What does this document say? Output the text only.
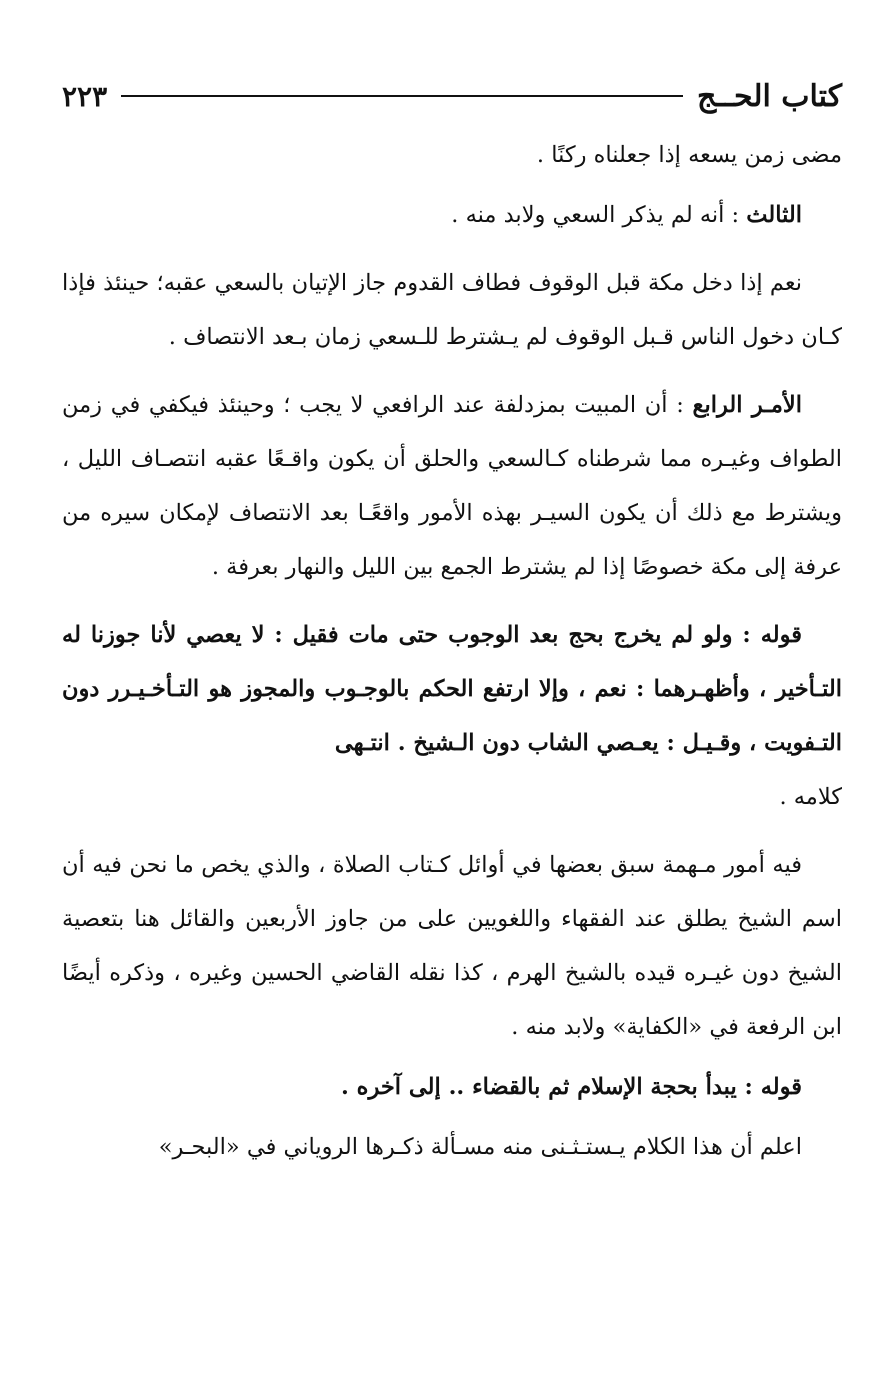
كتاب الحــج
٢٢٣

مضى زمن يسعه إذا جعلناه ركنًا .

الثالث : أنه لم يذكر السعي ولابد منه .

نعم إذا دخل مكة قبل الوقوف فطاف القدوم جاز الإتيان بالسعي عقبه؛ حينئذ فإذا كـان دخول الناس قـبل الوقوف لم يـشترط للـسعي زمان بـعد الانتصاف .

الأمـر الرابع : أن المبيت بمزدلفة عند الرافعي لا يجب ؛ وحينئذ فيكفي في زمن الطواف وغيـره مما شرطناه كـالسعي والحلق أن يكون واقـعًا عقبه انتصـاف الليل ، ويشترط مع ذلك أن يكون السيـر بهذه الأمور واقعًـا بعد الانتصاف لإمكان سيره من عرفة إلى مكة خصوصًا إذا لم يشترط الجمع بين الليل والنهار بعرفة .

قوله : ولو لم يخرج بحج بعد الوجوب حتى مات فقيل : لا يعصي لأنا جوزنا له التـأخير ، وأظهـرهما : نعم ، وإلا ارتفع الحكم بالوجـوب والمجوز هو التـأخـيـرر دون التـفويت ، وقـيـل : يعـصي الشاب دون الـشيخ . انتـهى

كلامه .

فيه أمور مـهمة سبق بعضها في أوائل كـتاب الصلاة ، والذي يخص ما نحن فيه أن اسم الشيخ يطلق عند الفقهاء واللغويين على من جاوز الأربعين والقائل هنا بتعصية الشيخ دون غيـره قيده بالشيخ الهرم ، كذا نقله القاضي الحسين وغيره ، وذكره أيضًا ابن الرفعة في «الكفاية» ولابد منه .

قوله : يبدأ بحجة الإسلام ثم بالقضاء .. إلى آخره .

اعلم أن هذا الكلام يـستـثـنى منه مسـألة ذكـرها الروياني في «البحـر»
